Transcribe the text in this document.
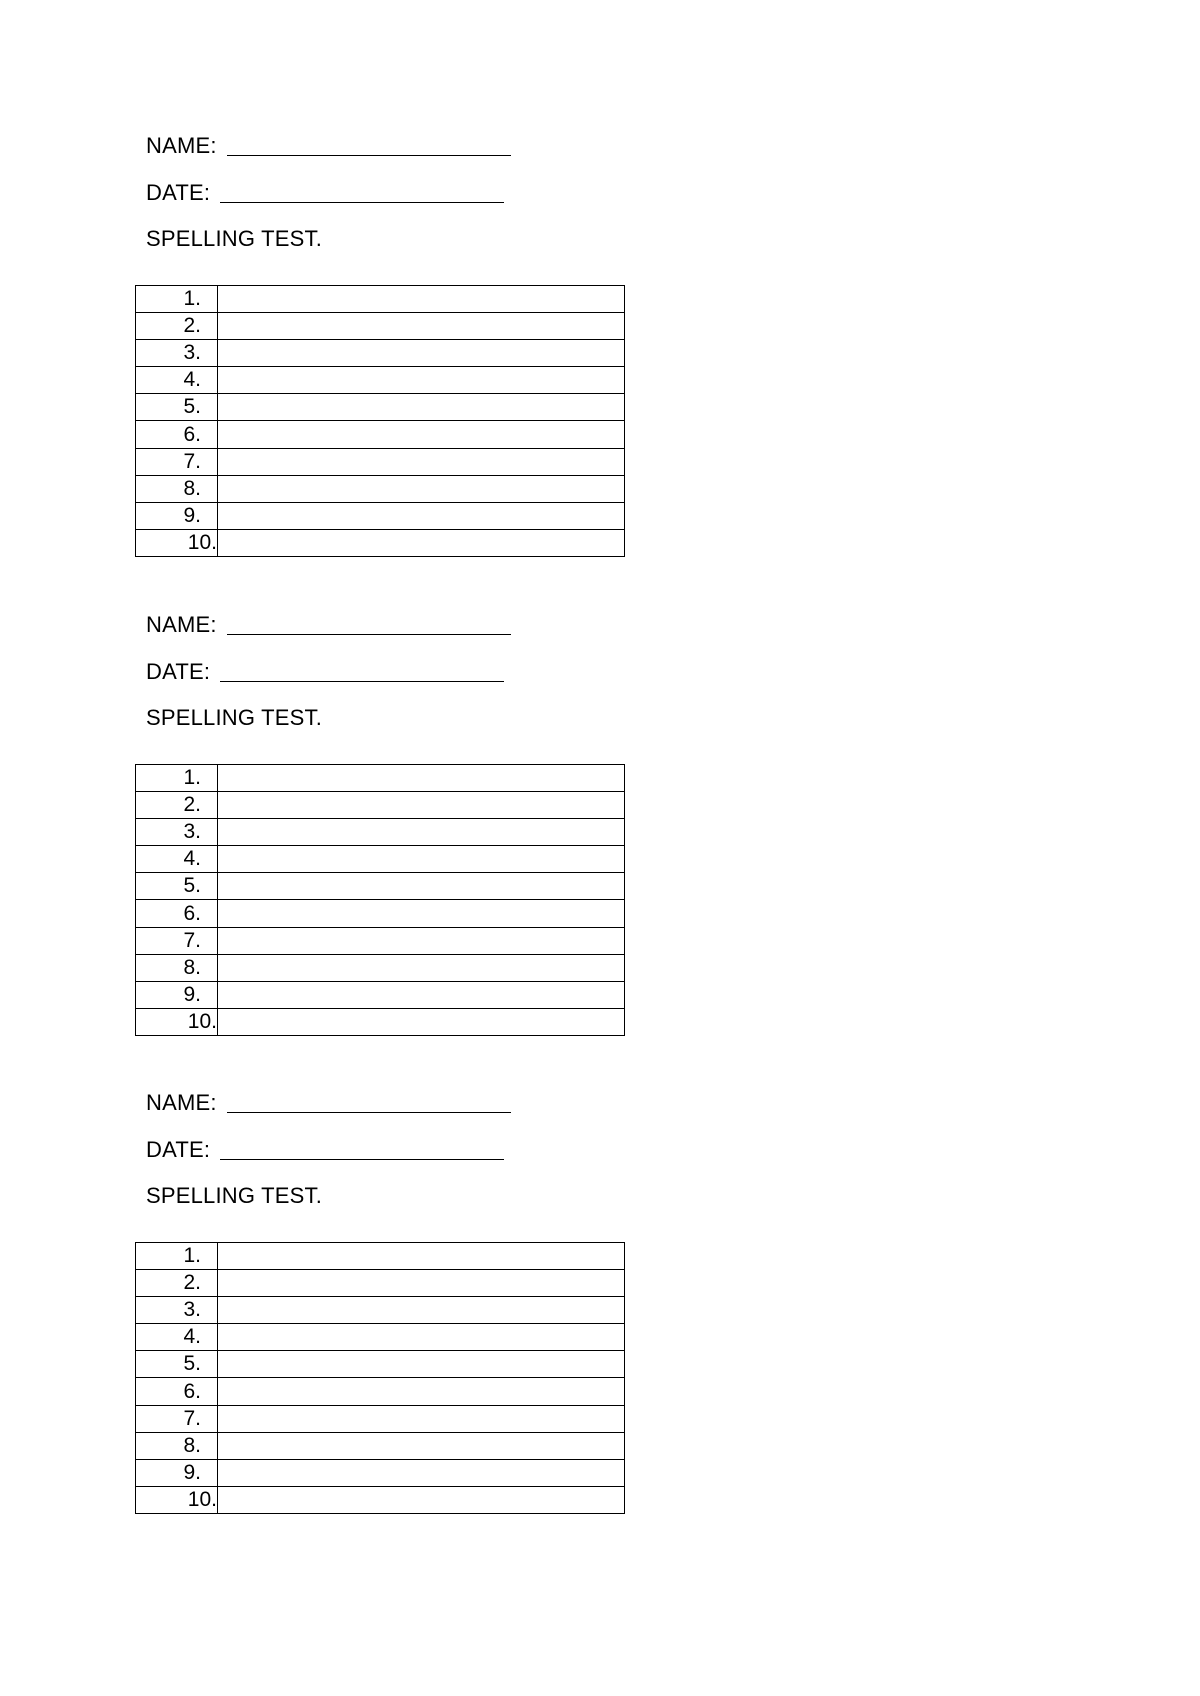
NAME:
DATE:
SPELLING TEST.
1.	
2.	
3.	
4.	
5.	
6.	
7.	
8.	
9.	
10.	
NAME:
DATE:
SPELLING TEST.
1.	
2.	
3.	
4.	
5.	
6.	
7.	
8.	
9.	
10.	
NAME:
DATE:
SPELLING TEST.
1.	
2.	
3.	
4.	
5.	
6.	
7.	
8.	
9.	
10.	
